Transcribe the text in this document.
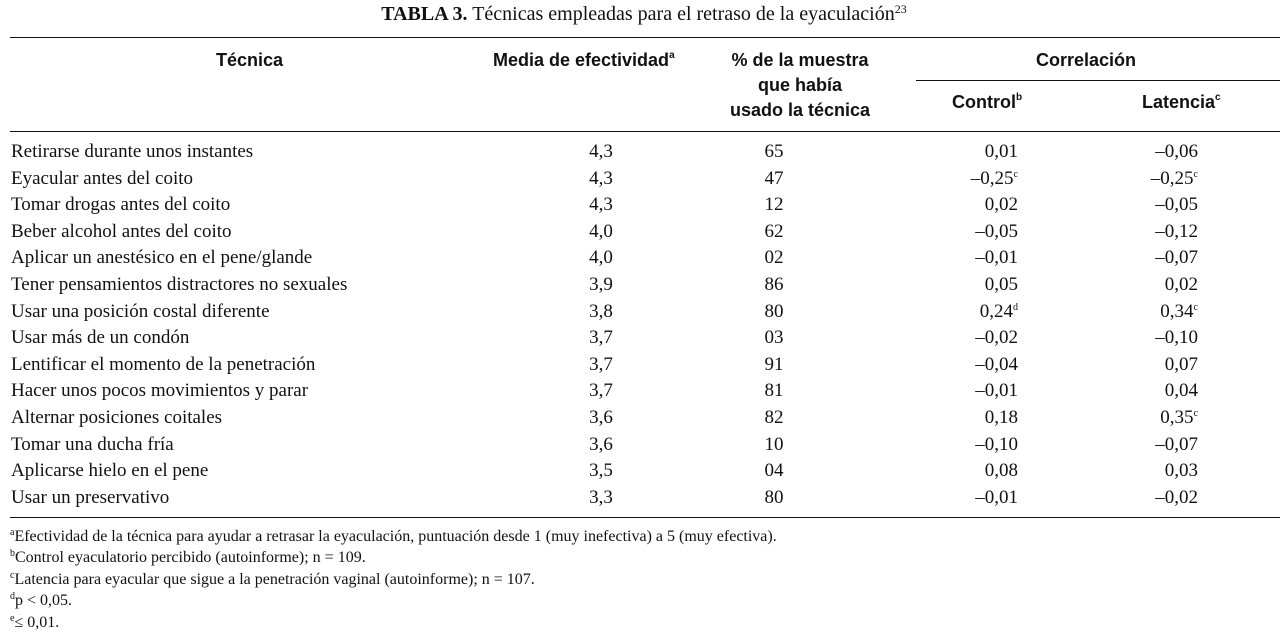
TABLA 3. Técnicas empleadas para el retraso de la eyaculación$^{23}$
Técnica	Media de efectividad$^a$	% de la muestra
que había
usado la técnica
Correlación
Control$^b$	Latencia$^c$
Retirarse durante unos instantes	4,3	65	0,01	–0,06
Eyacular antes del coito	4,3	47	–0,25$^c$	–0,25$^c$
Tomar drogas antes del coito	4,3	12	0,02	–0,05
Beber alcohol antes del coito	4,0	62	–0,05	–0,12
Aplicar un anestésico en el pene/glande	4,0	02	–0,01	–0,07
Tener pensamientos distractores no sexuales	3,9	86	0,05	0,02
Usar una posición costal diferente	3,8	80	0,24$^d$	0,34$^c$
Usar más de un condón	3,7	03	–0,02	–0,10
Lentificar el momento de la penetración	3,7	91	–0,04	0,07
Hacer unos pocos movimientos y parar	3,7	81	–0,01	0,04
Alternar posiciones coitales	3,6	82	0,18	0,35$^c$
Tomar una ducha fría	3,6	10	–0,10	–0,07
Aplicarse hielo en el pene	3,5	04	0,08	0,03
Usar un preservativo	3,3	80	–0,01	–0,02
$^a$Efectividad de la técnica para ayudar a retrasar la eyaculación, puntuación desde 1 (muy inefectiva) a 5 (muy efectiva).
$^b$Control eyaculatorio percibido (autoinforme); n = 109.
$^c$Latencia para eyacular que sigue a la penetración vaginal (autoinforme); n = 107.
$^d$p < 0,05.
$^e$≤ 0,01.
